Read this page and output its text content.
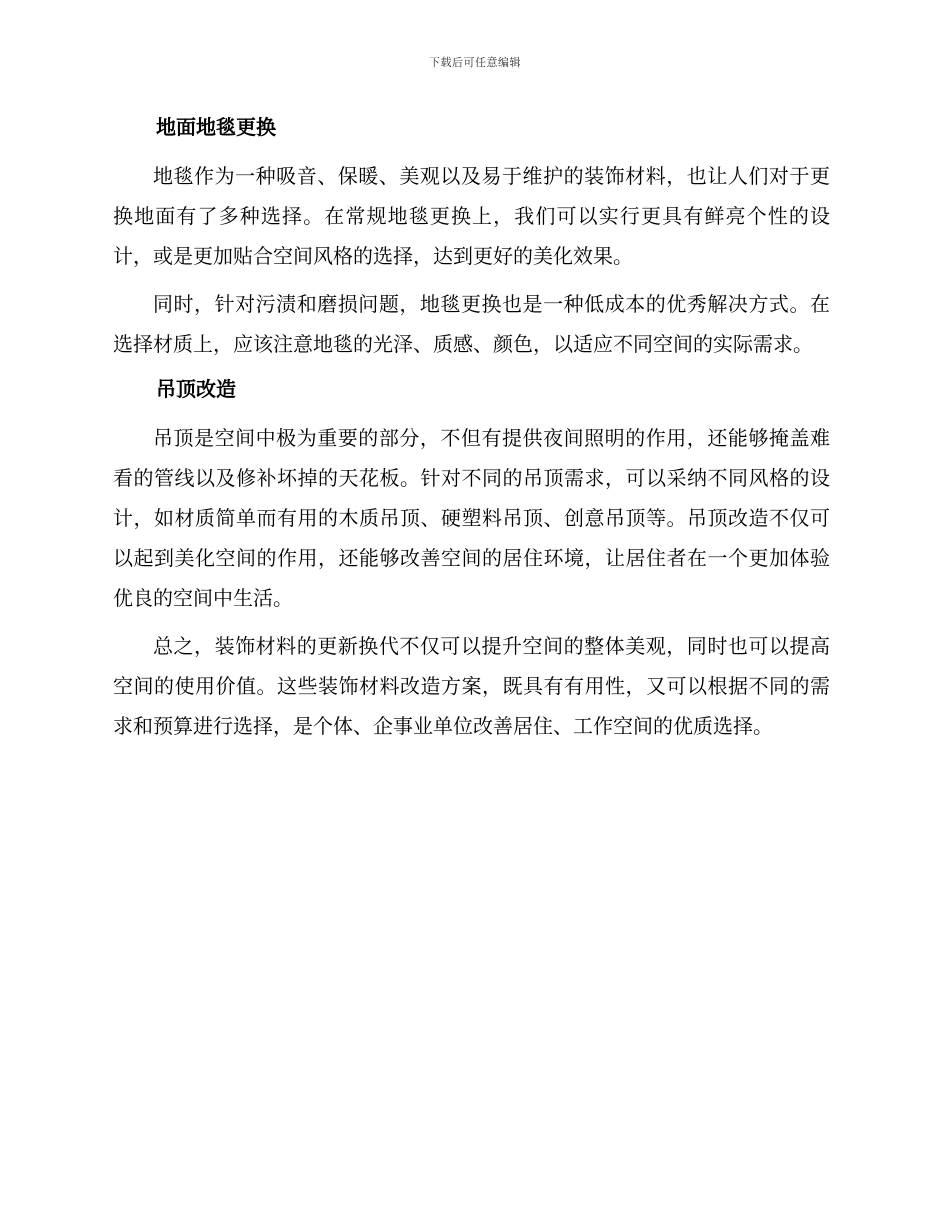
下载后可任意编辑
地面地毯更换

地毯作为一种吸音、保暖、美观以及易于维护的装饰材料，也让人们对于更换地面有了多种选择。在常规地毯更换上，我们可以实行更具有鲜亮个性的设计，或是更加贴合空间风格的选择，达到更好的美化效果。

同时，针对污渍和磨损问题，地毯更换也是一种低成本的优秀解决方式。在选择材质上，应该注意地毯的光泽、质感、颜色，以适应不同空间的实际需求。

吊顶改造

吊顶是空间中极为重要的部分，不但有提供夜间照明的作用，还能够掩盖难看的管线以及修补坏掉的天花板。针对不同的吊顶需求，可以采纳不同风格的设计，如材质简单而有用的木质吊顶、硬塑料吊顶、创意吊顶等。吊顶改造不仅可以起到美化空间的作用，还能够改善空间的居住环境，让居住者在一个更加体验优良的空间中生活。

总之，装饰材料的更新换代不仅可以提升空间的整体美观，同时也可以提高空间的使用价值。这些装饰材料改造方案，既具有有用性，又可以根据不同的需求和预算进行选择，是个体、企事业单位改善居住、工作空间的优质选择。
